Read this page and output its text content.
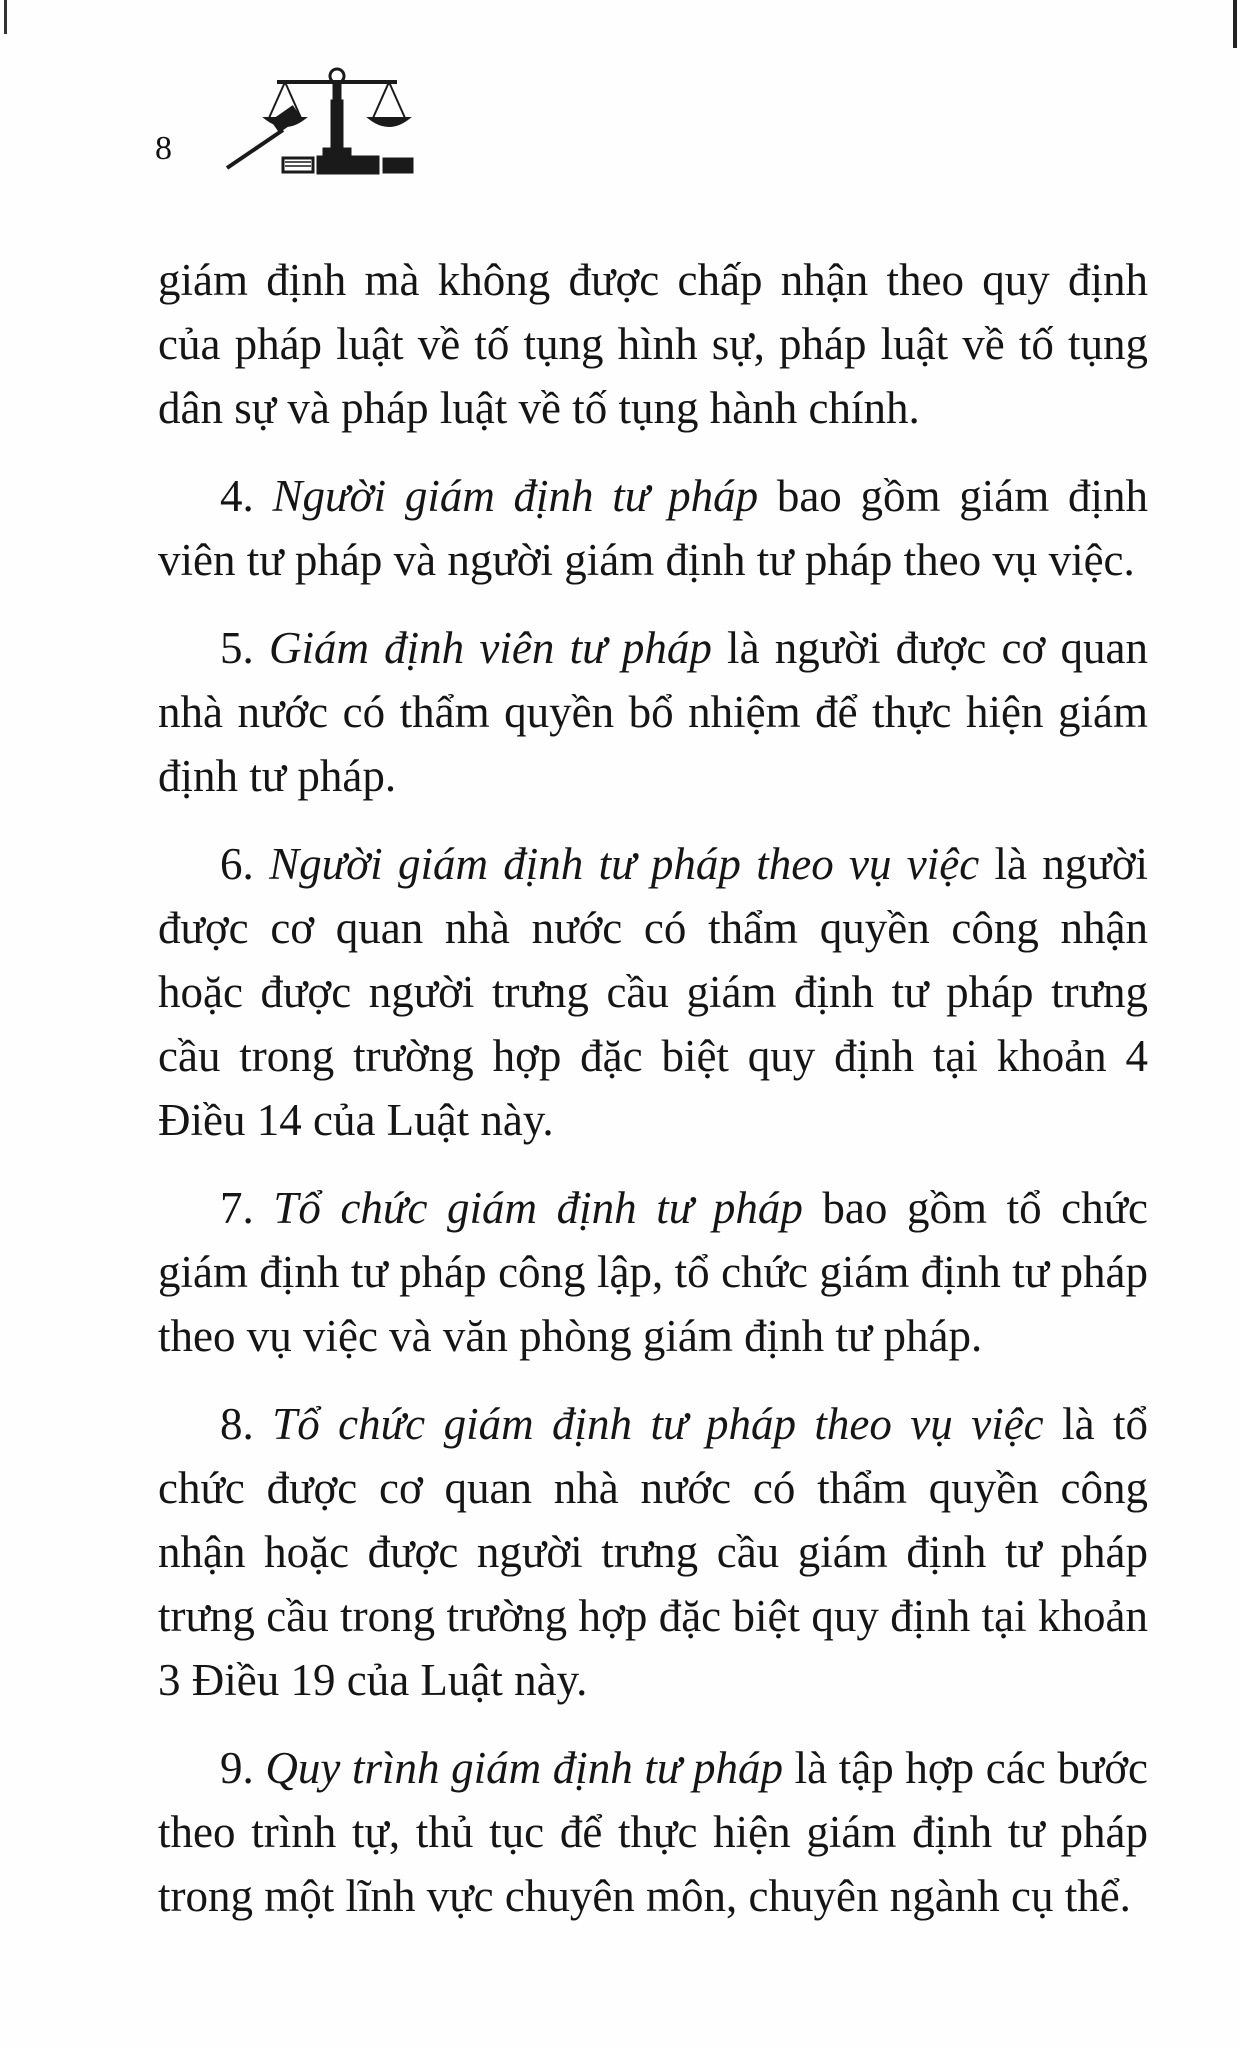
8

giám định mà không được chấp nhận theo quy định của pháp luật về tố tụng hình sự, pháp luật về tố tụng dân sự và pháp luật về tố tụng hành chính.

4. Người giám định tư pháp bao gồm giám định viên tư pháp và người giám định tư pháp theo vụ việc.

5. Giám định viên tư pháp là người được cơ quan nhà nước có thẩm quyền bổ nhiệm để thực hiện giám định tư pháp.

6. Người giám định tư pháp theo vụ việc là người được cơ quan nhà nước có thẩm quyền công nhận hoặc được người trưng cầu giám định tư pháp trưng cầu trong trường hợp đặc biệt quy định tại khoản 4 Điều 14 của Luật này.

7. Tổ chức giám định tư pháp bao gồm tổ chức giám định tư pháp công lập, tổ chức giám định tư pháp theo vụ việc và văn phòng giám định tư pháp.

8. Tổ chức giám định tư pháp theo vụ việc là tổ chức được cơ quan nhà nước có thẩm quyền công nhận hoặc được người trưng cầu giám định tư pháp trưng cầu trong trường hợp đặc biệt quy định tại khoản 3 Điều 19 của Luật này.

9. Quy trình giám định tư pháp là tập hợp các bước theo trình tự, thủ tục để thực hiện giám định tư pháp trong một lĩnh vực chuyên môn, chuyên ngành cụ thể.
